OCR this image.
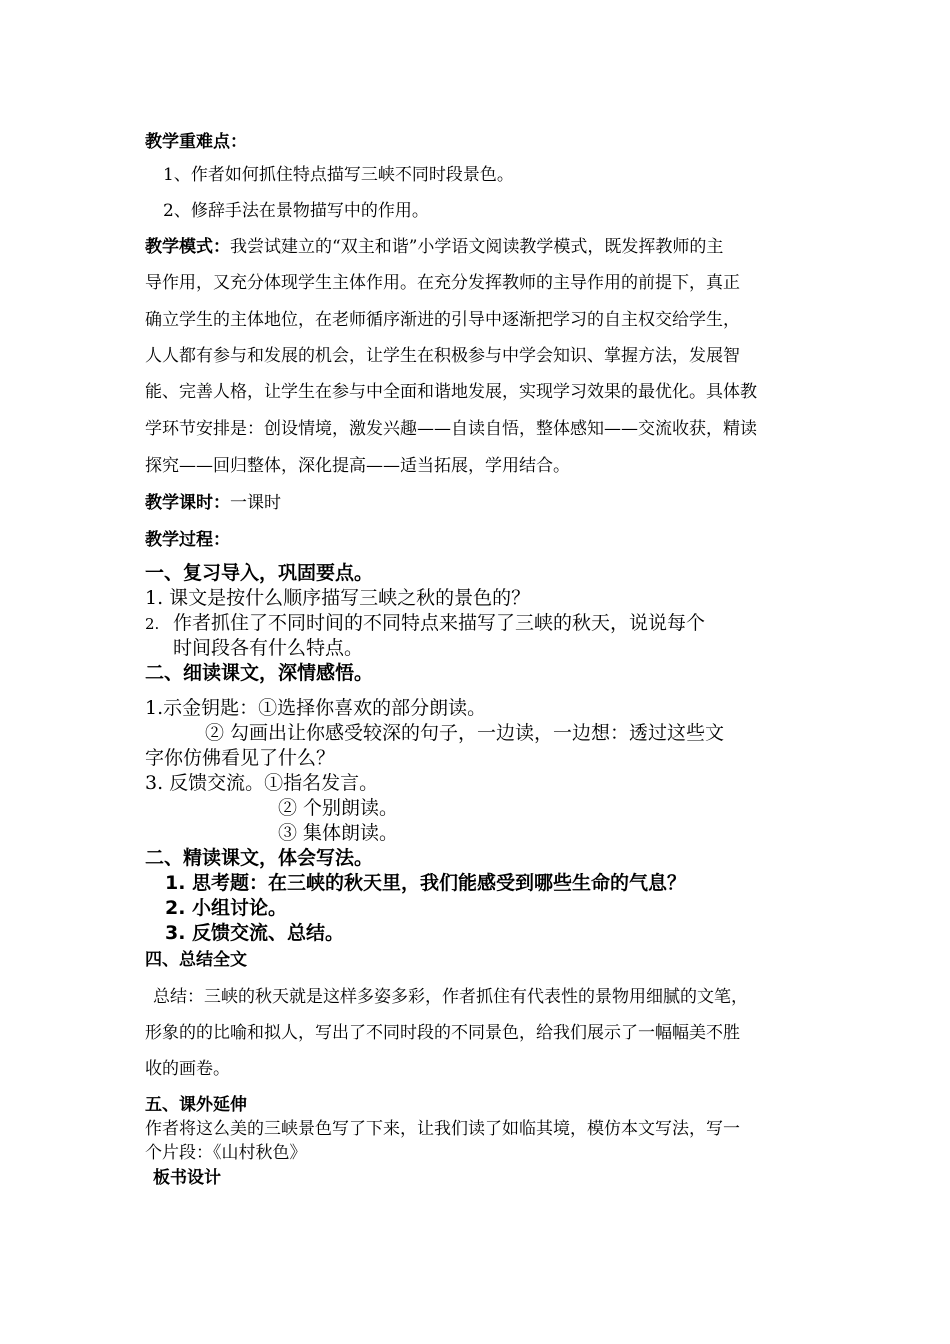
教学重难点：
1、作者如何抓住特点描写三峡不同时段景色。
2、修辞手法在景物描写中的作用。
教学模式：我尝试建立的“双主和谐”小学语文阅读教学模式，既发挥教师的主
导作用，又充分体现学生主体作用。在充分发挥教师的主导作用的前提下，真正
确立学生的主体地位，在老师循序渐进的引导中逐渐把学习的自主权交给学生，
人人都有参与和发展的机会，让学生在积极参与中学会知识、掌握方法，发展智
能、完善人格，让学生在参与中全面和谐地发展，实现学习效果的最优化。具体教
学环节安排是：创设情境，激发兴趣——自读自悟，整体感知——交流收获，精读
探究——回归整体，深化提高——适当拓展，学用结合。
教学课时：一课时
教学过程：
一、复习导入，巩固要点。
1. 课文是按什么顺序描写三峡之秋的景色的？
2. 作者抓住了不同时间的不同特点来描写了三峡的秋天，说说每个
时间段各有什么特点。
二、细读课文，深情感悟。
1.示金钥匙：①选择你喜欢的部分朗读。
② 勾画出让你感受较深的句子，一边读，一边想：透过这些文
字你仿佛看见了什么？
3. 反馈交流。①指名发言。
② 个别朗读。
③ 集体朗读。
二、精读课文，体会写法。
1. 思考题：在三峡的秋天里，我们能感受到哪些生命的气息？
2. 小组讨论。
3. 反馈交流、总结。
四、总结全文
总结：三峡的秋天就是这样多姿多彩，作者抓住有代表性的景物用细腻的文笔，
形象的的比喻和拟人，写出了不同时段的不同景色，给我们展示了一幅幅美不胜
收的画卷。
五、课外延伸
作者将这么美的三峡景色写了下来，让我们读了如临其境，模仿本文写法，写一
个片段：《山村秋色》
板书设计
